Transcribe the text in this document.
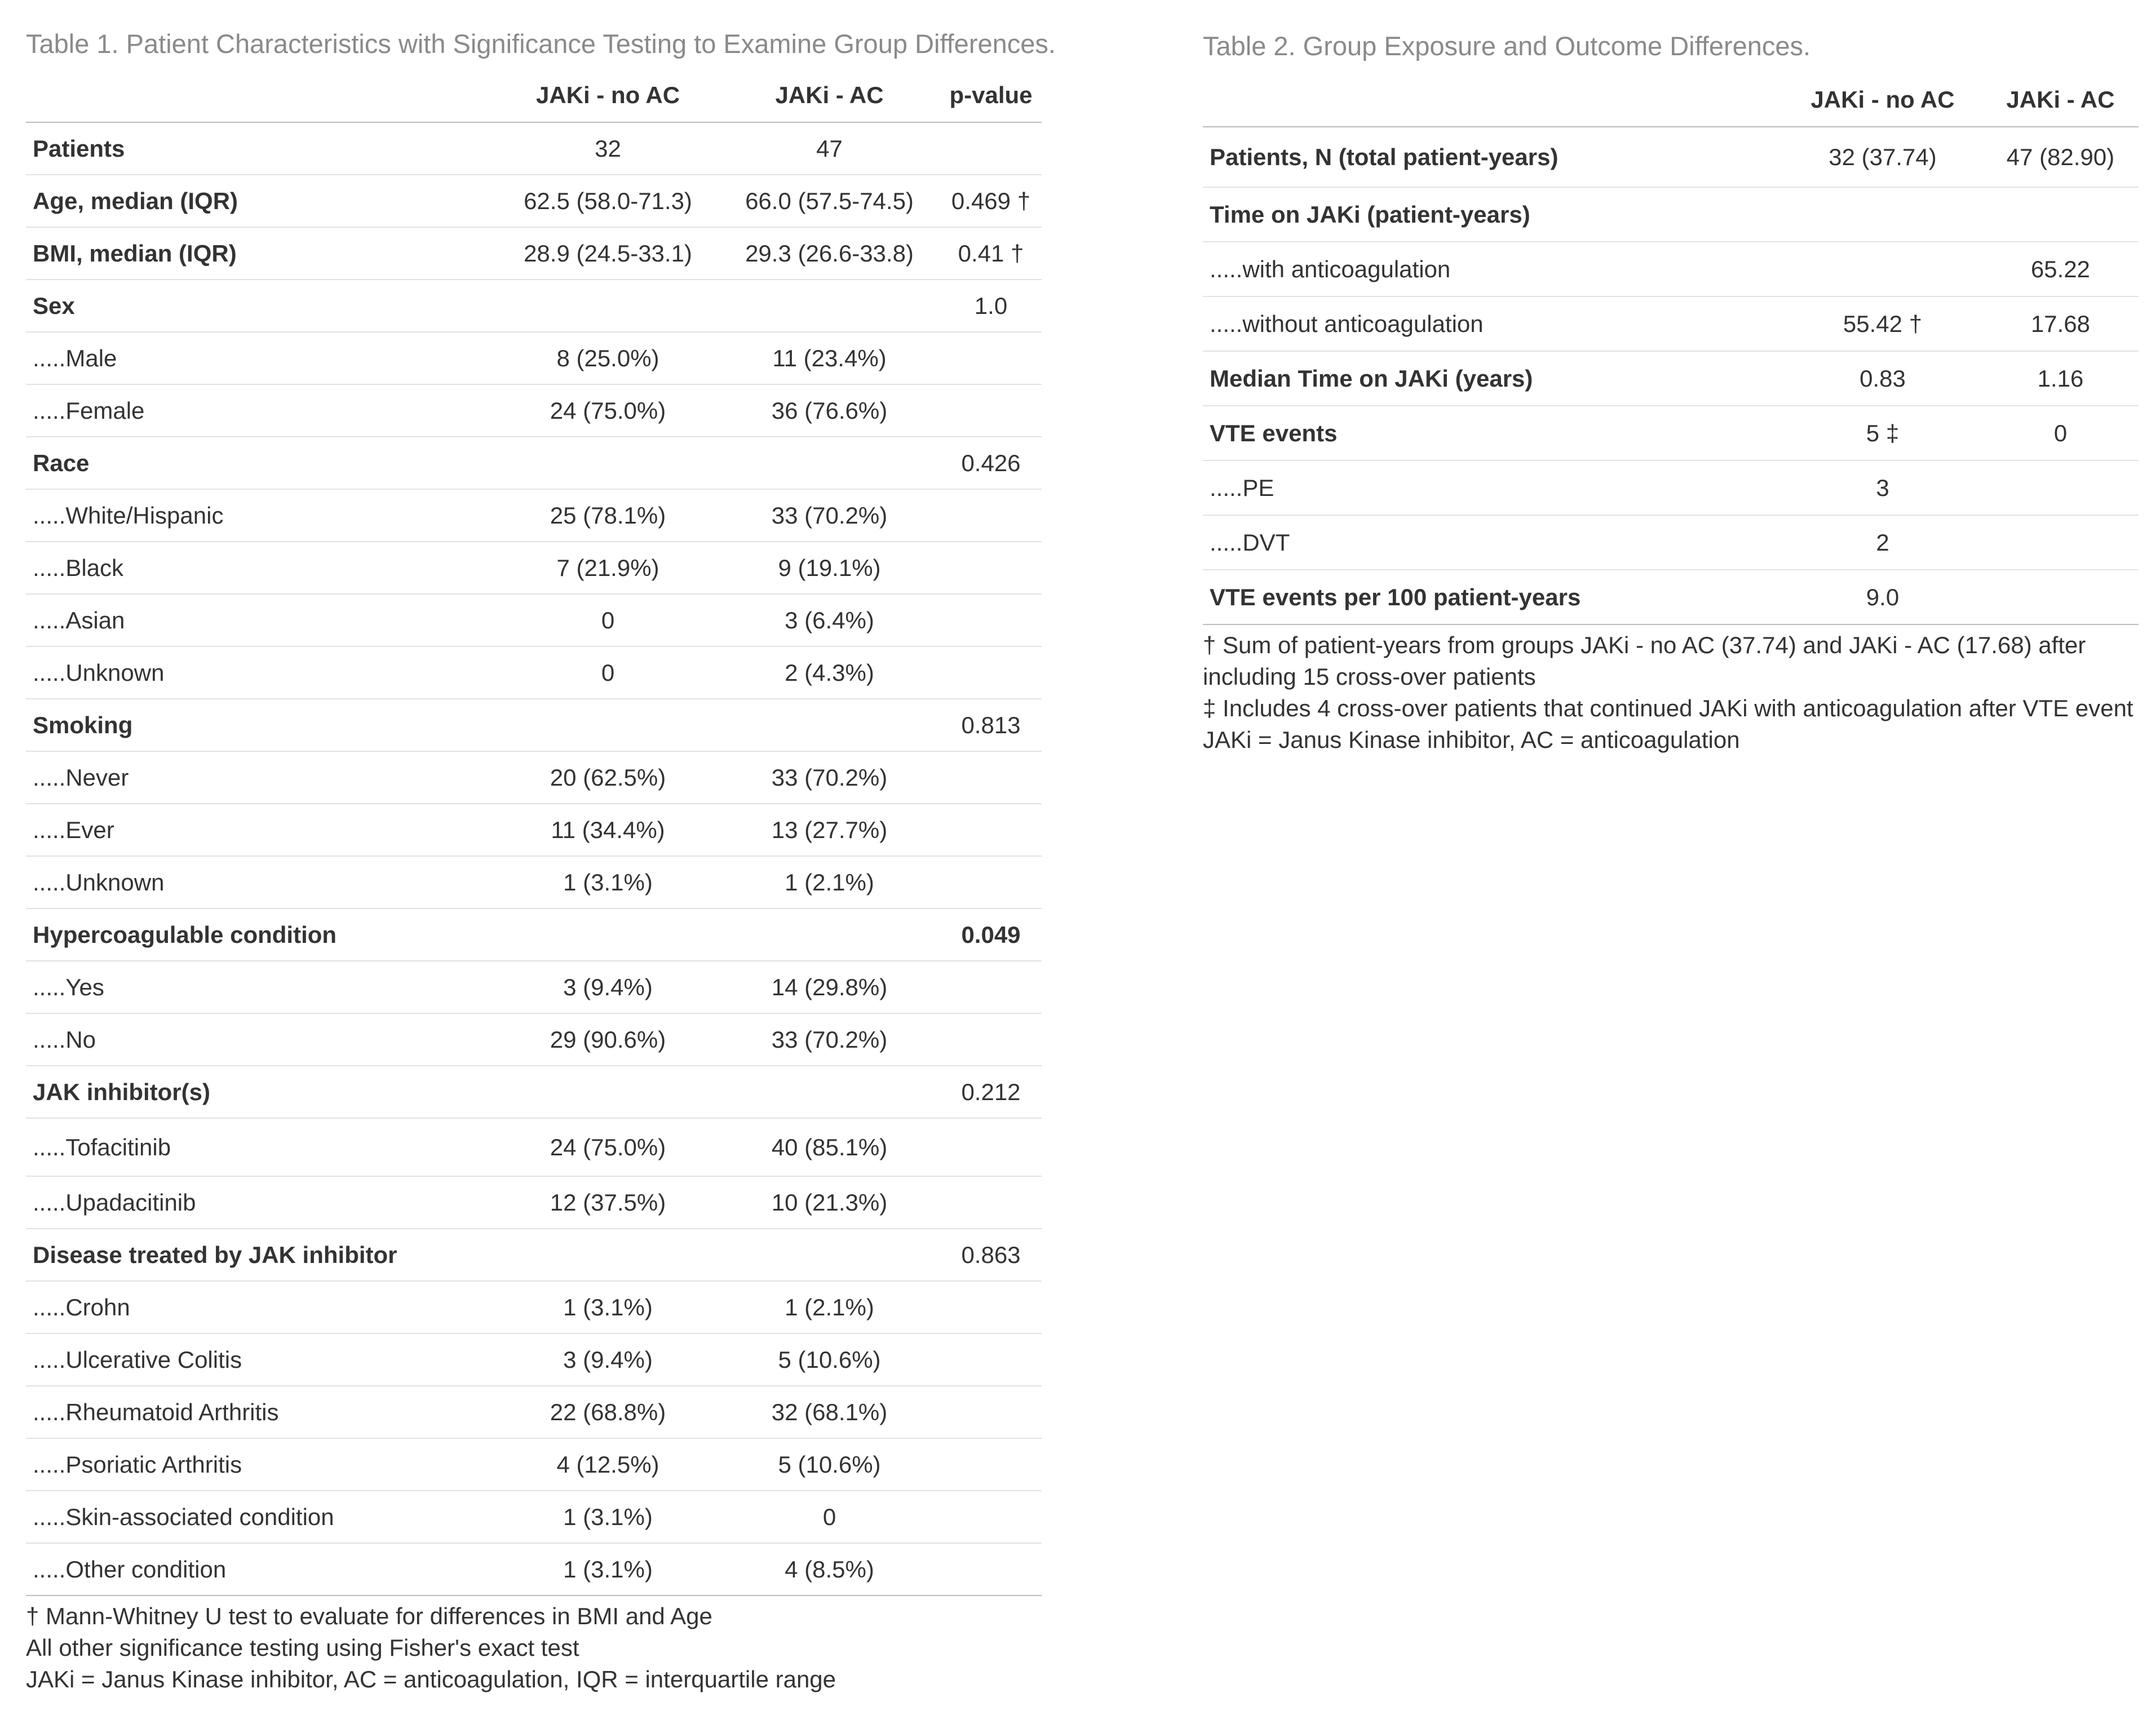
Table 1. Patient Characteristics with Significance Testing to Examine Group Differences.
	JAKi - no AC	JAKi - AC	p-value
Patients	32	47	
Age, median (IQR)	62.5 (58.0-71.3)	66.0 (57.5-74.5)	0.469 †
BMI, median (IQR)	28.9 (24.5-33.1)	29.3 (26.6-33.8)	0.41 †
Sex			1.0
.....Male	8 (25.0%)	11 (23.4%)	
.....Female	24 (75.0%)	36 (76.6%)	
Race			0.426
.....White/Hispanic	25 (78.1%)	33 (70.2%)	
.....Black	7 (21.9%)	9 (19.1%)	
.....Asian	0	3 (6.4%)	
.....Unknown	0	2 (4.3%)	
Smoking			0.813
.....Never	20 (62.5%)	33 (70.2%)	
.....Ever	11 (34.4%)	13 (27.7%)	
.....Unknown	1 (3.1%)	1 (2.1%)	
Hypercoagulable condition			0.049
.....Yes	3 (9.4%)	14 (29.8%)	
.....No	29 (90.6%)	33 (70.2%)	
JAK inhibitor(s)			0.212
.....Tofacitinib	24 (75.0%)	40 (85.1%)	
.....Upadacitinib	12 (37.5%)	10 (21.3%)	
Disease treated by JAK inhibitor			0.863
.....Crohn	1 (3.1%)	1 (2.1%)	
.....Ulcerative Colitis	3 (9.4%)	5 (10.6%)	
.....Rheumatoid Arthritis	22 (68.8%)	32 (68.1%)	
.....Psoriatic Arthritis	4 (12.5%)	5 (10.6%)	
.....Skin-associated condition	1 (3.1%)	0	
.....Other condition	1 (3.1%)	4 (8.5%)	
† Mann-Whitney U test to evaluate for differences in BMI and Age
All other significance testing using Fisher's exact test
JAKi = Janus Kinase inhibitor, AC = anticoagulation, IQR = interquartile range
Table 2. Group Exposure and Outcome Differences.
	JAKi - no AC	JAKi - AC
Patients, N (total patient-years)	32 (37.74)	47 (82.90)
Time on JAKi (patient-years)		
.....with anticoagulation		65.22
.....without anticoagulation	55.42 †	17.68
Median Time on JAKi (years)	0.83	1.16
VTE events	5 ‡	0
.....PE	3	
.....DVT	2	
VTE events per 100 patient-years	9.0	
† Sum of patient-years from groups JAKi - no AC (37.74) and JAKi - AC (17.68) after including 15 cross-over patients
‡ Includes 4 cross-over patients that continued JAKi with anticoagulation after VTE event
JAKi = Janus Kinase inhibitor, AC = anticoagulation
